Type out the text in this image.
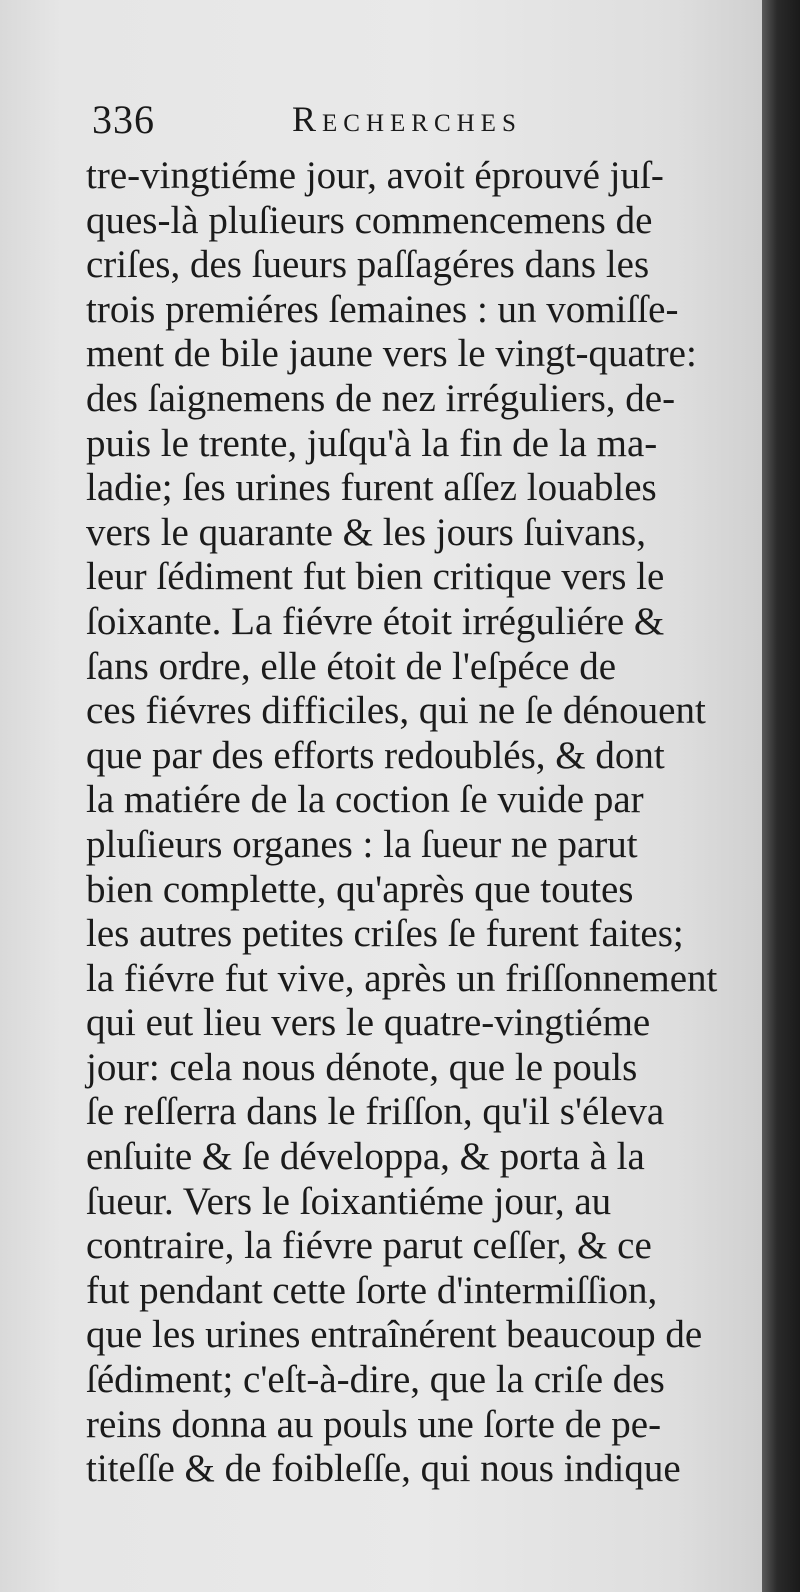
336	Recherches
tre-vingtiéme jour, avoit éprouvé juſ-
ques-là pluſieurs commencemens de
criſes, des ſueurs paſſagéres dans les
trois premiéres ſemaines : un vomiſſe-
ment de bile jaune vers le vingt-quatre:
des ſaignemens de nez irréguliers, de-
puis le trente, juſqu'à la fin de la ma-
ladie; ſes urines furent aſſez louables
vers le quarante & les jours ſuivans,
leur ſédiment fut bien critique vers le
ſoixante. La fiévre étoit irréguliére &
ſans ordre, elle étoit de l'eſpéce de
ces fiévres difficiles, qui ne ſe dénouent
que par des efforts redoublés, & dont
la matiére de la coction ſe vuide par
pluſieurs organes : la ſueur ne parut
bien complette, qu'après que toutes
les autres petites criſes ſe furent faites;
la fiévre fut vive, après un friſſonnement
qui eut lieu vers le quatre-vingtiéme
jour: cela nous dénote, que le pouls
ſe reſſerra dans le friſſon, qu'il s'éleva
enſuite & ſe développa, & porta à la
ſueur. Vers le ſoixantiéme jour, au
contraire, la fiévre parut ceſſer, & ce
fut pendant cette ſorte d'intermiſſion,
que les urines entraînérent beaucoup de
ſédiment; c'eſt-à-dire, que la criſe des
reins donna au pouls une ſorte de pe-
titeſſe & de foibleſſe, qui nous indique
